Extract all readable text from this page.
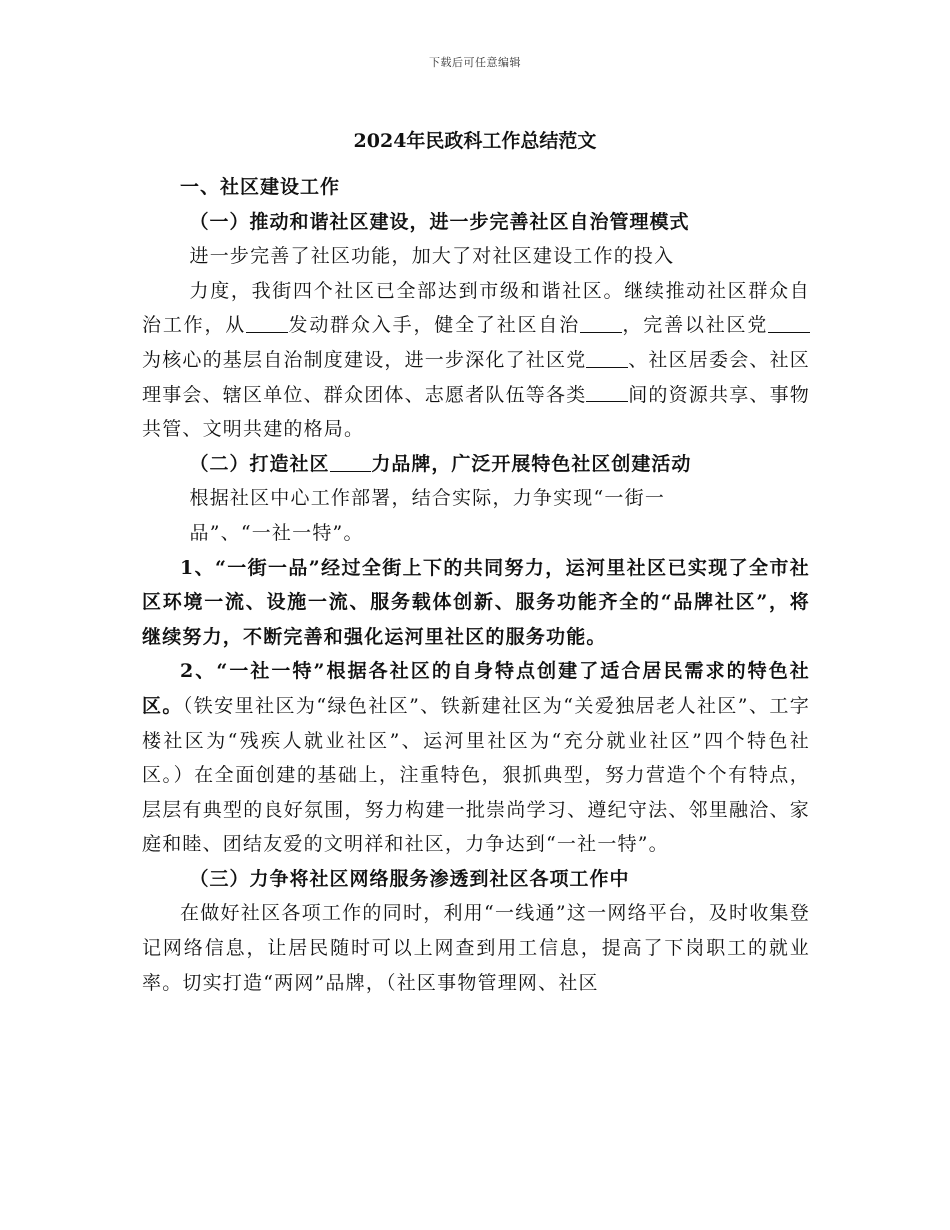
下载后可任意编辑
2024年民政科工作总结范文

一、社区建设工作

（一）推动和谐社区建设，进一步完善社区自治管理模式

进一步完善了社区功能，加大了对社区建设工作的投入

力度，我街四个社区已全部达到市级和谐社区。继续推动社区群众自治工作，从 发动群众入手，健全了社区自治 ，完善以社区党为核心的基层自治制度建设，进一步深化了社区党 、社区居委会、社区理事会、辖区单位、群众团体、志愿者队伍等各类 间的资源共享、事物共管、文明共建的格局。

（二）打造社区 力品牌，广泛开展特色社区创建活动

根据社区中心工作部署，结合实际，力争实现“一街一

品”、“一社一特”。

1、“一街一品”经过全街上下的共同努力，运河里社区已实现了全市社区环境一流、设施一流、服务载体创新、服务功能齐全的“品牌社区”，将继续努力，不断完善和强化运河里社区的服务功能。

2、“一社一特”根据各社区的自身特点创建了适合居民需求的特色社区。（铁安里社区为“绿色社区”、铁新建社区为“关爱独居老人社区”、工字楼社区为“残疾人就业社区”、运河里社区为“充分就业社区”四个特色社区。）在全面创建的基础上，注重特色，狠抓典型，努力营造个个有特点，层层有典型的良好氛围，努力构建一批崇尚学习、遵纪守法、邻里融洽、家庭和睦、团结友爱的文明祥和社区，力争达到“一社一特”。

（三）力争将社区网络服务渗透到社区各项工作中

在做好社区各项工作的同时，利用“一线通”这一网络平台，及时收集登记网络信息，让居民随时可以上网查到用工信息，提高了下岗职工的就业率。切实打造“两网”品牌，（社区事物管理网、社区
